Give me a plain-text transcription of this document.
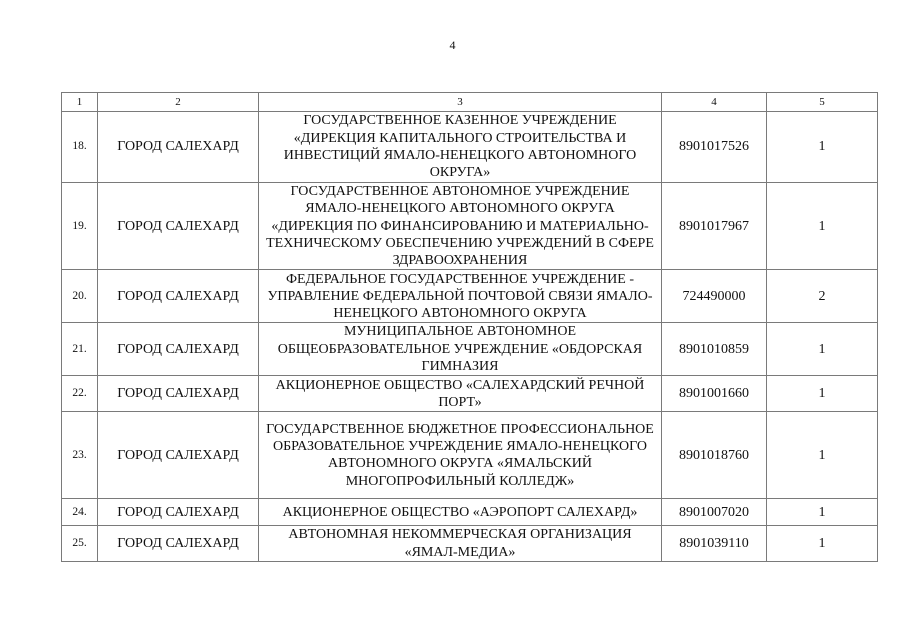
4
1	2	3	4	5
18.	ГОРОД САЛЕХАРД	ГОСУДАРСТВЕННОЕ КАЗЕННОЕ УЧРЕЖДЕНИЕ «ДИРЕКЦИЯ КАПИТАЛЬНОГО СТРОИТЕЛЬСТВА И ИНВЕСТИЦИЙ ЯМАЛО-НЕНЕЦКОГО АВТОНОМНОГО ОКРУГА»	8901017526	1
19.	ГОРОД САЛЕХАРД	ГОСУДАРСТВЕННОЕ АВТОНОМНОЕ УЧРЕЖДЕНИЕ ЯМАЛО-НЕНЕЦКОГО АВТОНОМНОГО ОКРУГА «ДИРЕКЦИЯ ПО ФИНАНСИРОВАНИЮ И МАТЕРИАЛЬНО-ТЕХНИЧЕСКОМУ ОБЕСПЕЧЕНИЮ УЧРЕЖДЕНИЙ В СФЕРЕ ЗДРАВООХРАНЕНИЯ	8901017967	1
20.	ГОРОД САЛЕХАРД	ФЕДЕРАЛЬНОЕ ГОСУДАРСТВЕННОЕ УЧРЕЖДЕНИЕ - УПРАВЛЕНИЕ ФЕДЕРАЛЬНОЙ ПОЧТОВОЙ СВЯЗИ ЯМАЛО-НЕНЕЦКОГО АВТОНОМНОГО ОКРУГА	724490000	2
21.	ГОРОД САЛЕХАРД	МУНИЦИПАЛЬНОЕ АВТОНОМНОЕ ОБЩЕОБРАЗОВАТЕЛЬНОЕ УЧРЕЖДЕНИЕ «ОБДОРСКАЯ ГИМНАЗИЯ	8901010859	1
22.	ГОРОД САЛЕХАРД	АКЦИОНЕРНОЕ ОБЩЕСТВО «САЛЕХАРДСКИЙ РЕЧНОЙ ПОРТ»	8901001660	1
23.	ГОРОД САЛЕХАРД	ГОСУДАРСТВЕННОЕ БЮДЖЕТНОЕ ПРОФЕССИОНАЛЬНОЕ ОБРАЗОВАТЕЛЬНОЕ УЧРЕЖДЕНИЕ ЯМАЛО-НЕНЕЦКОГО АВТОНОМНОГО ОКРУГА «ЯМАЛЬСКИЙ МНОГОПРОФИЛЬНЫЙ КОЛЛЕДЖ»	8901018760	1
24.	ГОРОД САЛЕХАРД	АКЦИОНЕРНОЕ ОБЩЕСТВО «АЭРОПОРТ САЛЕХАРД»	8901007020	1
25.	ГОРОД САЛЕХАРД	АВТОНОМНАЯ НЕКОММЕРЧЕСКАЯ ОРГАНИЗАЦИЯ «ЯМАЛ-МЕДИА»	8901039110	1
